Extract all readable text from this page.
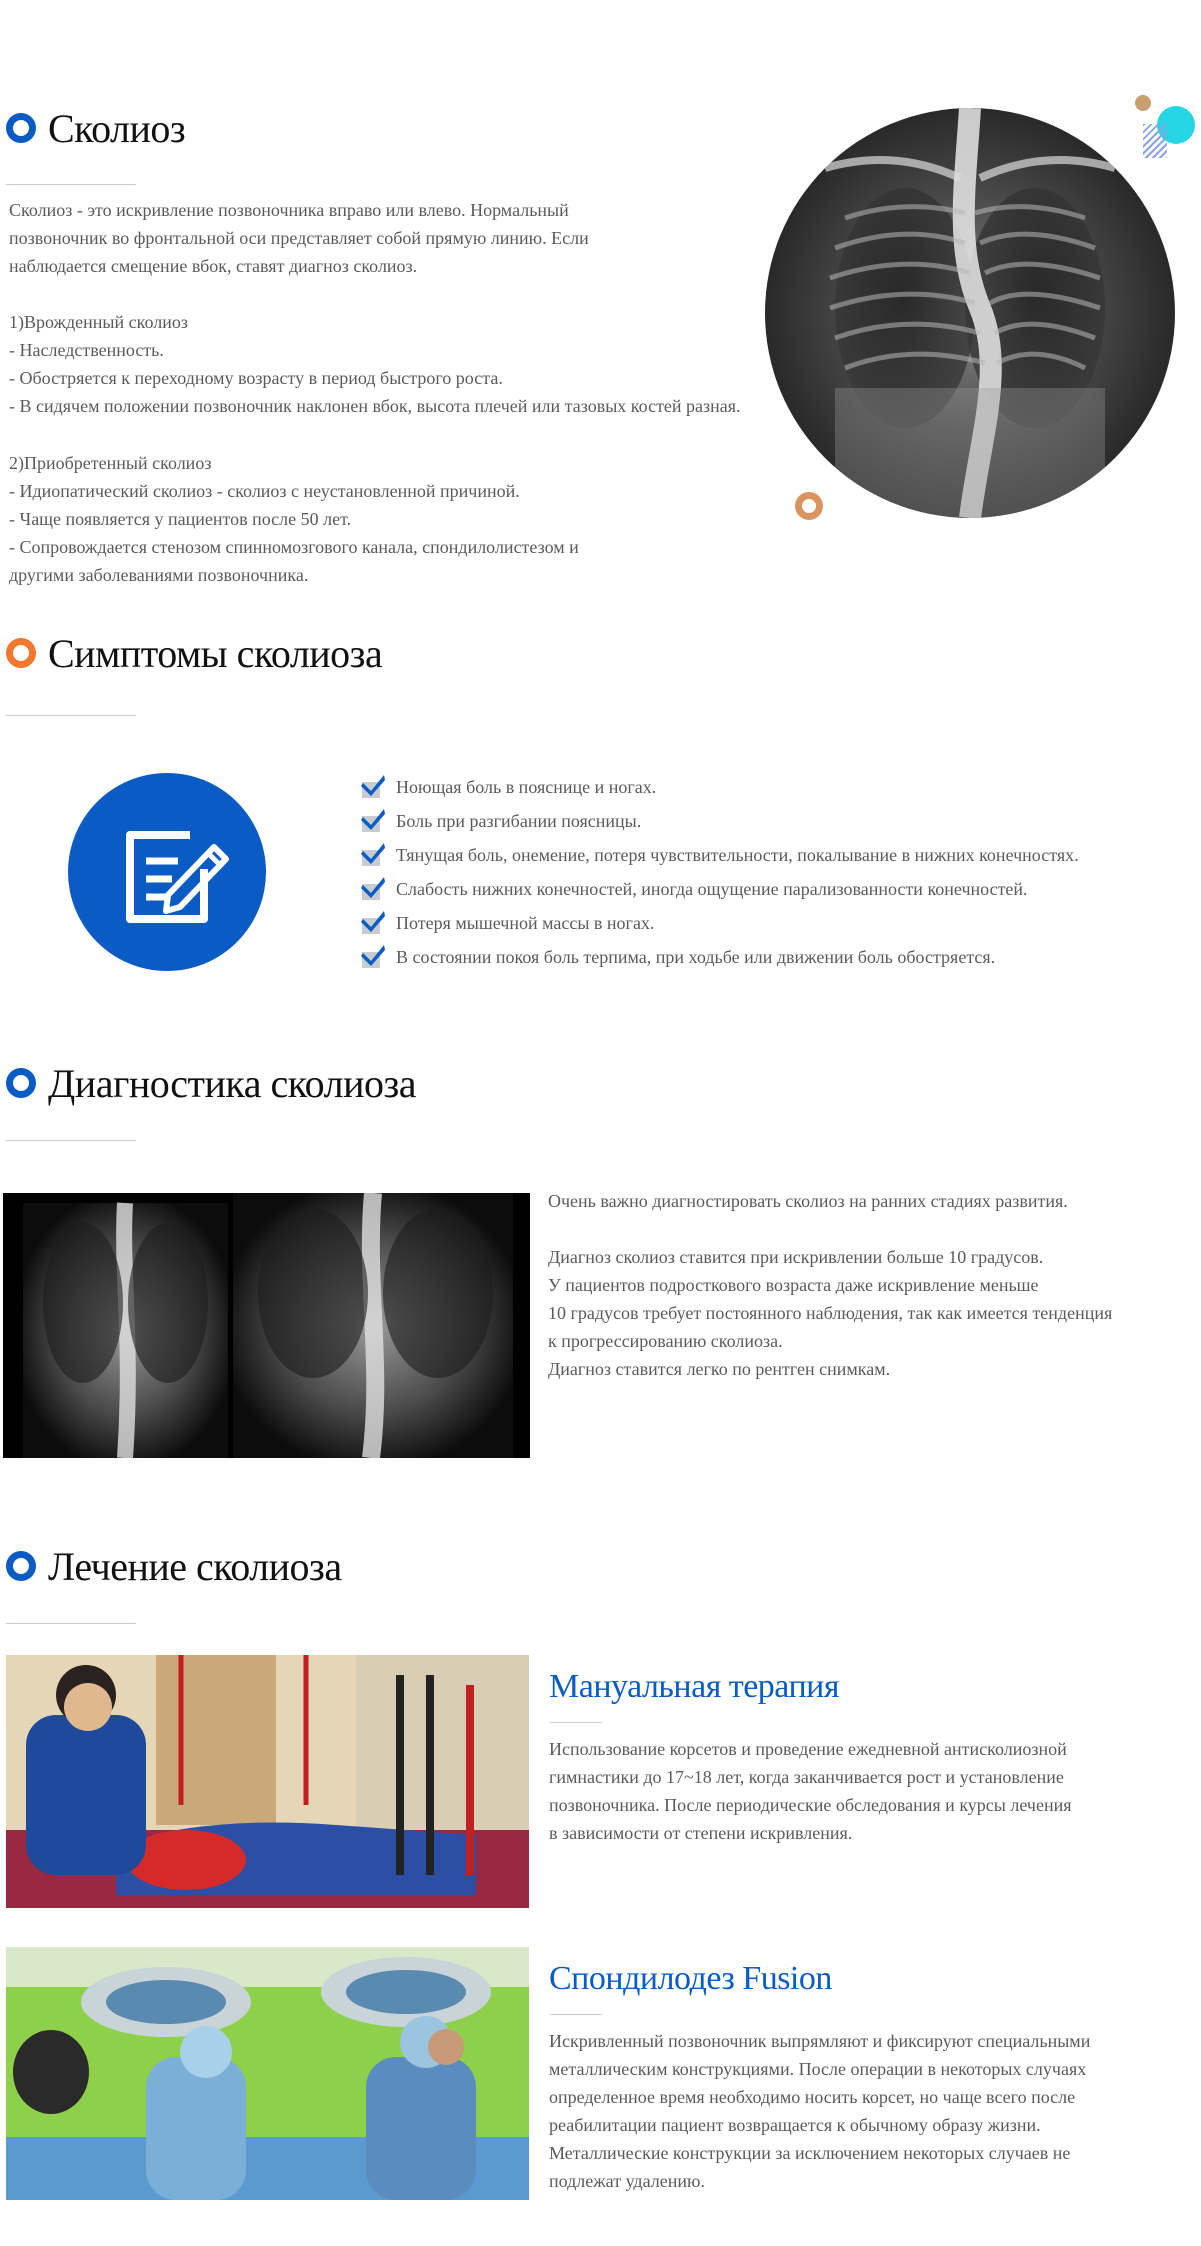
Сколиоз

Сколиоз - это искривление позвоночника вправо или влево. Нормальный
позвоночник во фронтальной оси представляет собой прямую линию. Если
наблюдается смещение вбок, ставят диагноз сколиоз.

1)Врожденный сколиоз
- Наследственность.
- Обостряется к переходному возрасту в период быстрого роста.
- В сидячем положении позвоночник наклонен вбок, высота плечей или тазовых костей разная.

2)Приобретенный сколиоз
- Идиопатический сколиоз - сколиоз с неустановленной причиной.
- Чаще появляется у пациентов после 50 лет.
- Сопровождается стенозом спинномозгового канала, спондилолистезом и
другими заболеваниями позвоночника.

Симптомы сколиоза
Ноющая боль в пояснице и ногах.
Боль при разгибании поясницы.
Тянущая боль, онемение, потеря чувствительности, покалывание в нижних конечностях.
Слабость нижних конечностей, иногда ощущение парализованности конечностей.
Потеря мышечной массы в ногах.
В состоянии покоя боль терпима, при ходьбе или движении боль обостряется.
Диагностика сколиоза

Очень важно диагностировать сколиоз на ранних стадиях развития.

Диагноз сколиоз ставится при искривлении больше 10 градусов.
У пациентов подросткового возраста даже искривление меньше
10 градусов требует постоянного наблюдения, так как имеется тенденция
к прогрессированию сколиоза.
Диагноз ставится легко по рентген снимкам.

Лечение сколиоза
Мануальная терапия

Использование корсетов и проведение ежедневной антисколиозной
гимнастики до 17~18 лет, когда заканчивается рост и установление
позвоночника. После периодические обследования и курсы лечения
в зависимости от степени искривления.

Спондилодез Fusion

Искривленный позвоночник выпрямляют и фиксируют специальными
металлическим конструкциями. После операции в некоторых случаях
определенное время необходимо носить корсет, но чаще всего после
реабилитации пациент возвращается к обычному образу жизни.
Металлические конструкции за исключением некоторых случаев не
подлежат удалению.
